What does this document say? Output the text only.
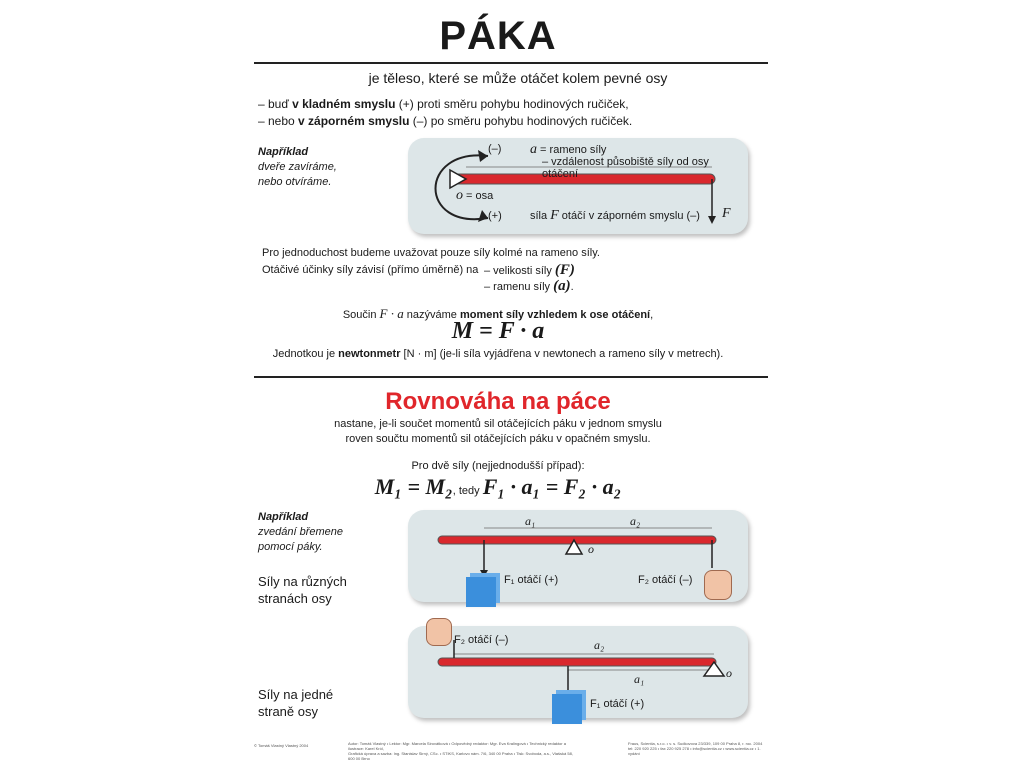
PÁKA
je těleso, které se může otáčet kolem pevné osy
– buď v kladném smyslu (+) proti směru pohybu hodinových ručiček,
– nebo v záporném smyslu (–) po směru pohybu hodinových ručiček.
Například
dveře zavíráme,
nebo otvíráme.
(–)
(+)
a = rameno síly
– vzdálenost působiště síly od osy otáčení
o = osa
síla F otáčí v záporném smyslu (–) F
Pro jednoduchost budeme uvažovat pouze síly kolmé na rameno síly.
Otáčivé účinky síly závisí (přímo úměrně) na – velikosti síly (F)
– ramenu síly (a).
Součin F · a nazýváme moment síly vzhledem k ose otáčení,
M = F · a
Jednotkou je newtonmetr [N · m] (je-li síla vyjádřena v newtonech a rameno síly v metrech).
Rovnováha na páce
nastane, je-li součet momentů sil otáčejících páku v jednom smyslu
roven součtu momentů sil otáčejících páku v opačném smyslu.
Pro dvě síly (nejjednodušší případ):
M₁ = M₂, tedy F₁ · a₁ = F₂ · a₂
Například
zvedání břemene
pomocí páky.
Síly na různých
stranách osy
Síly na jedné
straně osy
a₁	a₂
o
F₁ otáčí (+)	F₂ otáčí (–)
F₂ otáčí (–)	a₂
a₁	o
F₁ otáčí (+)
© Tomáš Vlastný Vlastný 2004	Autor: Tomáš Vlastný • Lektor: Mgr. Marcela Sirovátková • Odpovědný redaktor: Mgr. Eva Kralingová • Technický redaktor a ilustrace: Karel Król,
Grafická úprava a sazba: Ing. Stanislav Sirný, CSc. • STIKS, Karlovo nám. 7/6, 340 00 Praha • Tisk: Svoboda, a.s., Vlašská 58, 600 00 Brno
Fraus, Scientia, s.r.o. • v. s. Sudkovova 23/339, 109 00 Praha 8, r. roc. 2004
tel: 220 920 225 • fax 220 925 278 • info@scientia.cz • www.scientia.cz • 1. vydání
